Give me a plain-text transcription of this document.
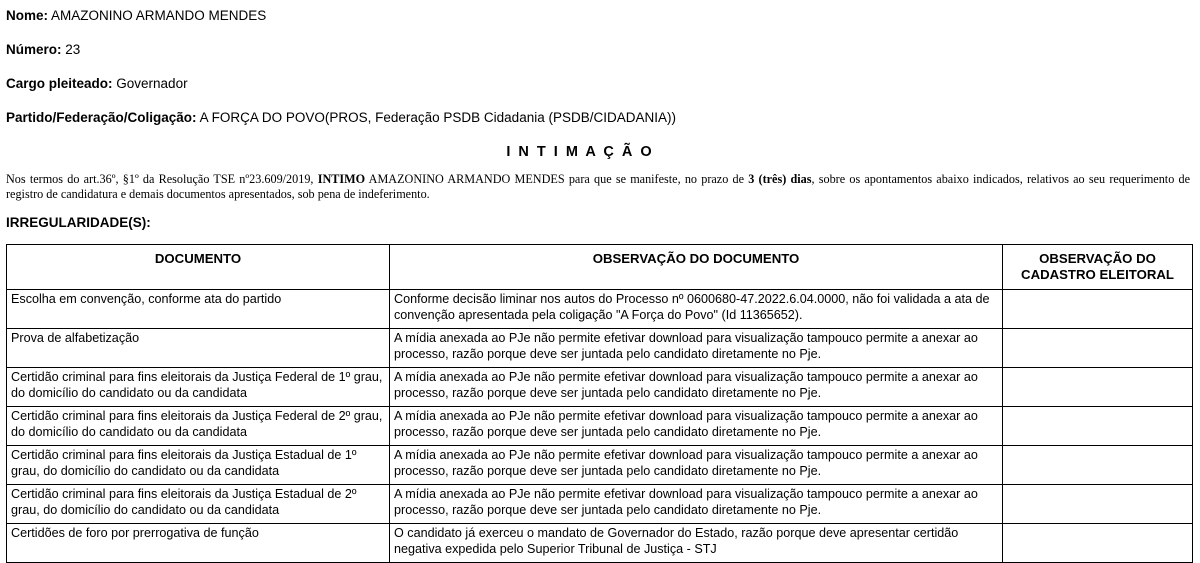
Nome: AMAZONINO ARMANDO MENDES

Número: 23

Cargo pleiteado: Governador

Partido/Federação/Coligação: A FORÇA DO POVO(PROS, Federação PSDB Cidadania (PSDB/CIDADANIA))

I N T I M A Ç Ã O

Nos termos do art.36º, §1º da Resolução TSE nº23.609/2019, INTIMO AMAZONINO ARMANDO MENDES para que se manifeste, no prazo de 3 (três) dias, sobre os apontamentos abaixo indicados, relativos ao seu requerimento de registro de candidatura e demais documentos apresentados, sob pena de indeferimento.

IRREGULARIDADE(S):
DOCUMENTO	OBSERVAÇÃO DO DOCUMENTO	OBSERVAÇÃO DO CADASTRO ELEITORAL
Escolha em convenção, conforme ata do partido	Conforme decisão liminar nos autos do Processo nº 0600680-47.2022.6.04.0000, não foi validada a ata de convenção apresentada pela coligação "A Força do Povo" (Id 11365652).	
Prova de alfabetização	A mídia anexada ao PJe não permite efetivar download para visualização tampouco permite a anexar ao processo, razão porque deve ser juntada pelo candidato diretamente no Pje.	
Certidão criminal para fins eleitorais da Justiça Federal de 1º grau, do domicílio do candidato ou da candidata	A mídia anexada ao PJe não permite efetivar download para visualização tampouco permite a anexar ao processo, razão porque deve ser juntada pelo candidato diretamente no Pje.	
Certidão criminal para fins eleitorais da Justiça Federal de 2º grau, do domicílio do candidato ou da candidata	A mídia anexada ao PJe não permite efetivar download para visualização tampouco permite a anexar ao processo, razão porque deve ser juntada pelo candidato diretamente no Pje.	
Certidão criminal para fins eleitorais da Justiça Estadual de 1º grau, do domicílio do candidato ou da candidata	A mídia anexada ao PJe não permite efetivar download para visualização tampouco permite a anexar ao processo, razão porque deve ser juntada pelo candidato diretamente no Pje.	
Certidão criminal para fins eleitorais da Justiça Estadual de 2º grau, do domicílio do candidato ou da candidata	A mídia anexada ao PJe não permite efetivar download para visualização tampouco permite a anexar ao processo, razão porque deve ser juntada pelo candidato diretamente no Pje.	
Certidões de foro por prerrogativa de função	O candidato já exerceu o mandato de Governador do Estado, razão porque deve apresentar certidão negativa expedida pelo Superior Tribunal de Justiça - STJ	
